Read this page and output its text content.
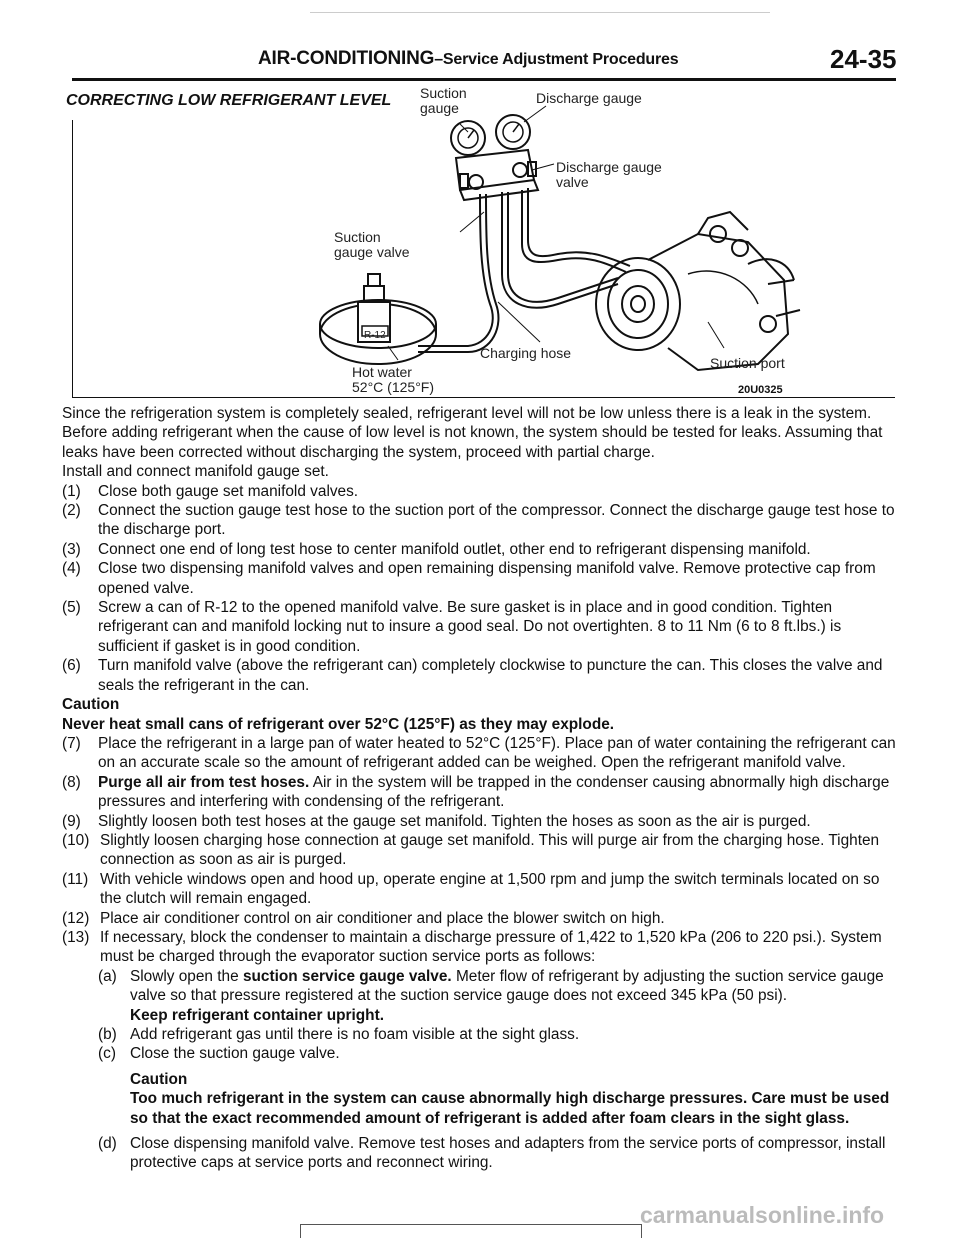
AIR-CONDITIONING–Service Adjustment Procedures	24-35
CORRECTING LOW REFRIGERANT LEVEL Suction
gauge
Discharge gauge
Discharge gauge
valve
Suction
gauge valve
R-12
Charging hose
Suction port
Hot water
52°C (125°F)	20U0325

Since the refrigeration system is completely sealed, refrigerant level will not be low unless there is a leak in the system.

Before adding refrigerant when the cause of low level is not known, the system should be tested for leaks. Assuming that leaks have been corrected without discharging the system, proceed with partial charge.

Install and connect manifold gauge set.

(1)	Close both gauge set manifold valves.
(2)	Connect the suction gauge test hose to the suction port of the compressor. Connect the discharge gauge test hose to the discharge port.
(3)	Connect one end of long test hose to center manifold outlet, other end to refrigerant dispensing manifold.
(4)	Close two dispensing manifold valves and open remaining dispensing manifold valve. Remove protective cap from opened valve.
(5)	Screw a can of R-12 to the opened manifold valve. Be sure gasket is in place and in good condition. Tighten refrigerant can and manifold locking nut to insure a good seal. Do not overtighten. 8 to 11 Nm (6 to 8 ft.lbs.) is sufficient if gasket is in good condition.
(6)	Turn manifold valve (above the refrigerant can) completely clockwise to puncture the can. This closes the valve and seals the refrigerant in the can.

Caution

Never heat small cans of refrigerant over 52°C (125°F) as they may explode.

(7)	Place the refrigerant in a large pan of water heated to 52°C (125°F). Place pan of water containing the refrigerant can on an accurate scale so the amount of refrigerant added can be weighed. Open the refrigerant manifold valve.
(8)	Purge all air from test hoses. Air in the system will be trapped in the condenser causing abnormally high discharge pressures and interfering with condensing of the refrigerant.
(9)	Slightly loosen both test hoses at the gauge set manifold. Tighten the hoses as soon as the air is purged.
(10) Slightly loosen charging hose connection at gauge set manifold. This will purge air from the charging hose. Tighten connection as soon as air is purged.
(11) With vehicle windows open and hood up, operate engine at 1,500 rpm and jump the switch terminals located on so the clutch will remain engaged.
(12) Place air conditioner control on air conditioner and place the blower switch on high.
(13) If necessary, block the condenser to maintain a discharge pressure of 1,422 to 1,520 kPa (206 to 220 psi.). System must be charged through the evaporator suction service ports as follows:
(a) Slowly open the suction service gauge valve. Meter flow of refrigerant by adjusting the suction service gauge valve so that pressure registered at the suction service gauge does not exceed 345 kPa (50 psi).
Keep refrigerant container upright.
(b) Add refrigerant gas until there is no foam visible at the sight glass.
(c) Close the suction gauge valve.

Caution

Too much refrigerant in the system can cause abnormally high discharge pressures. Care must be used so that the exact recommended amount of refrigerant is added after foam clears in the sight glass.

(d) Close dispensing manifold valve. Remove test hoses and adapters from the service ports of compressor, install protective caps at service ports and reconnect wiring.
carmanualsonline.info
